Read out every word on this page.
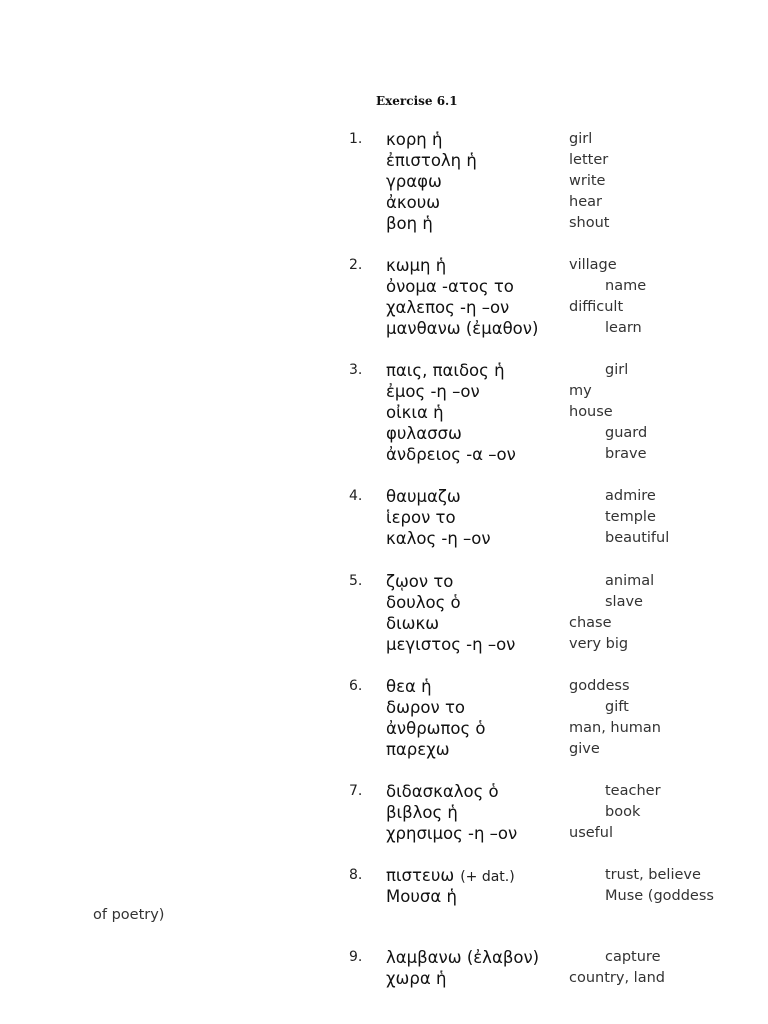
Exercise 6.1
1.	κορη ἡ	girl
ἐπιστολη ἡ	letter
γραφω	write
ἀκουω	hear
βοη ἡ	shout
2.	κωμη ἡ	village
ὀνομα -ατος το	name
χαλεπος -η –ον	difficult
μανθανω (ἐμαθον)	learn
3.	παις, παιδος ἡ	girl
ἐμος -η –ον	my
οἰκια ἡ	house
φυλασσω	guard
ἀνδρειος -α –ον	brave
4.	θαυμαζω	admire
ἱερον το	temple
καλος -η –ον	beautiful
5.	ζῳον το	animal
δουλος ὁ	slave
διωκω	chase
μεγιστος -η –ον	very big
6.	θεα ἡ	goddess
δωρον το	gift
ἀνθρωπος ὁ	man, human
παρεχω	give
7.	διδασκαλος ὁ	teacher
βιβλος ἡ	book
χρησιμος -η –ον	useful
8.	πιστευω (+ dat.)	trust, believe
Μουσα ἡ	Muse (goddess
of poetry)
9.	λαμβανω (ἐλαβον)	capture
χωρα ἡ	country, land
